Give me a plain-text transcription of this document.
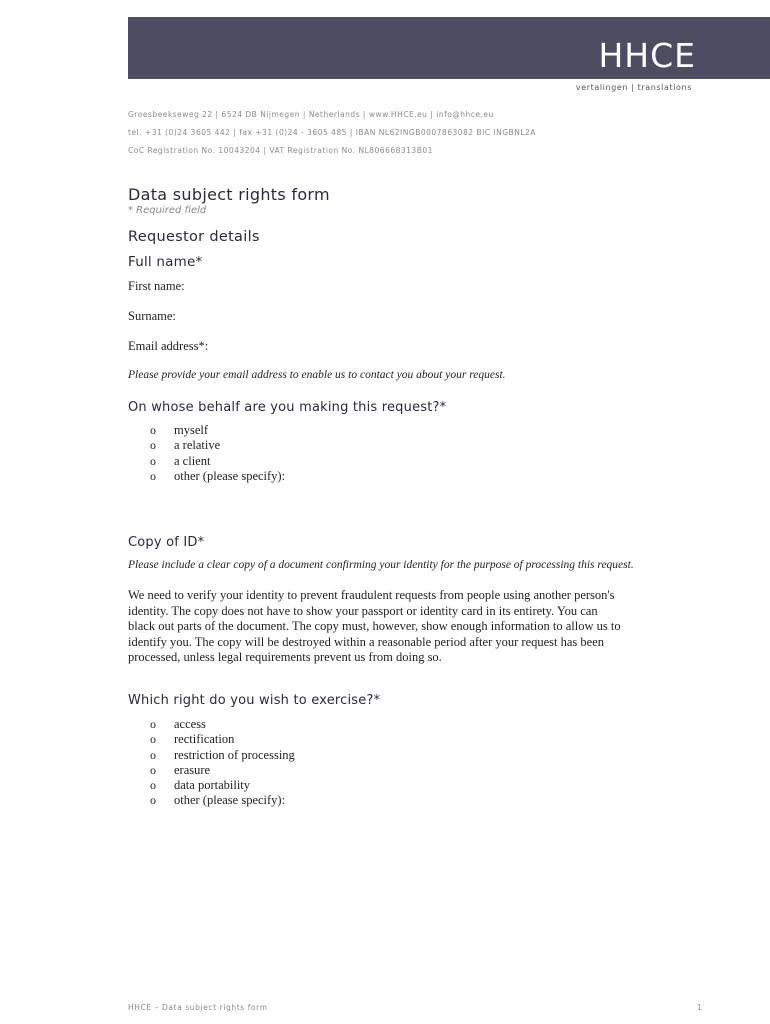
HHCE
vertalingen | translations
Groesbeekseweg 22 | 6524 DB Nijmegen | Netherlands | www.HHCE.eu | info@hhce.eu
tel. +31 (0)24 3605 442 | fax +31 (0)24 - 3605 485 | IBAN NL62INGB0007863082 BIC INGBNL2A
CoC Registration No. 10043204 | VAT Registration No. NL806668313B01
Data subject rights form
* Required field
Requestor details
Full name*
First name:
Surname:
Email address*:
Please provide your email address to enable us to contact you about your request.
On whose behalf are you making this request?*
o myself
o a relative
o a client
o other (please specify):
Copy of ID*
Please include a clear copy of a document confirming your identity for the purpose of processing this request.
We need to verify your identity to prevent fraudulent requests from people using another person's
identity. The copy does not have to show your passport or identity card in its entirety. You can
black out parts of the document. The copy must, however, show enough information to allow us to
identify you. The copy will be destroyed within a reasonable period after your request has been
processed, unless legal requirements prevent us from doing so.
Which right do you wish to exercise?*
o access
o rectification
o restriction of processing
o erasure
o data portability
o other (please specify):
HHCE – Data subject rights form	1
